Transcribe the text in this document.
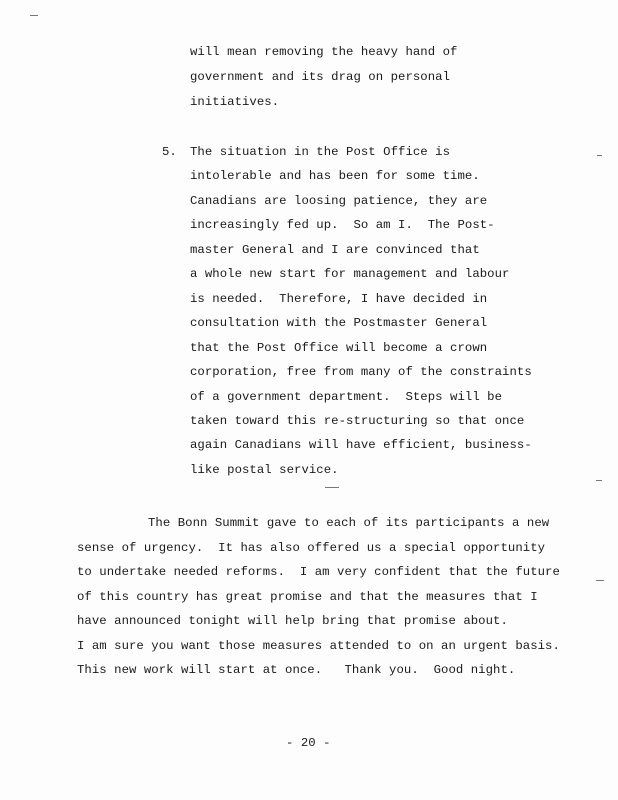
will mean removing the heavy hand of
government and its drag on personal
initiatives.
5. The situation in the Post Office is
intolerable and has been for some time.
Canadians are loosing patience, they are
increasingly fed up.  So am I.  The Post-
master General and I are convinced that
a whole new start for management and labour
is needed.  Therefore, I have decided in
consultation with the Postmaster General
that the Post Office will become a crown
corporation, free from many of the constraints
of a government department.  Steps will be
taken toward this re-structuring so that once
again Canadians will have efficient, business-
like postal service.
The Bonn Summit gave to each of its participants a new
sense of urgency.  It has also offered us a special opportunity
to undertake needed reforms.  I am very confident that the future
of this country has great promise and that the measures that I
have announced tonight will help bring that promise about.
I am sure you want those measures attended to on an urgent basis.
This new work will start at once.   Thank you.  Good night.
- 20 -
